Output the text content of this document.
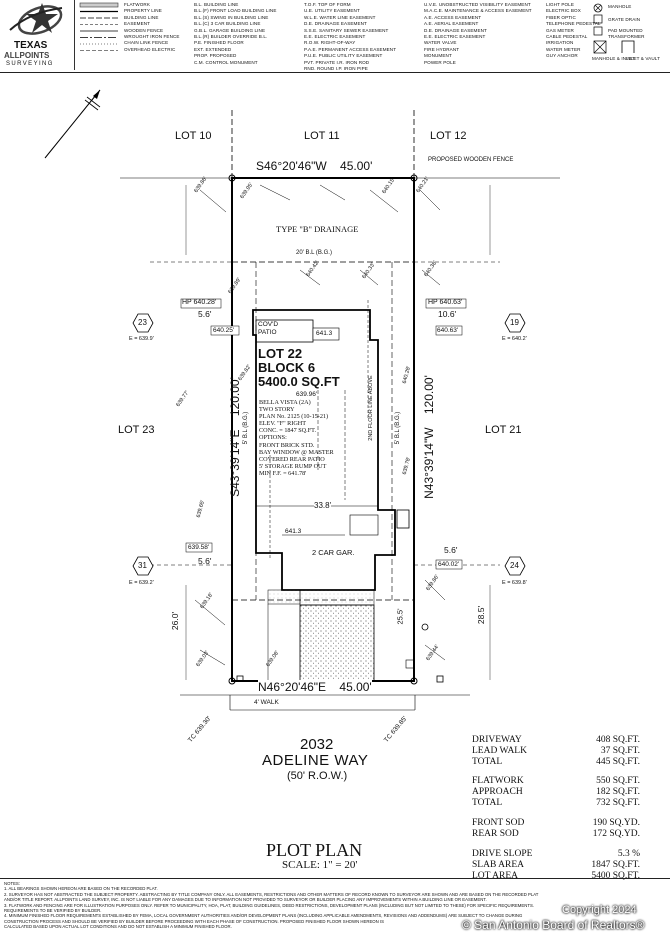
TEXAS
ALLPOINTS
SURVEYING
FLATWORK
PROPERTY LINE
BUILDING LINE
EASEMENT
WOODEN FENCE
WROUGHT IRON FENCE
CHAIN LINK FENCE
OVERHEAD ELECTRIC
B.L. BUILDING LINE
B.L.(F) FRONT LOAD BUILDING LINE
B.L.(S) SWING IN BUILDING LINE
B.L.(C) 3 CAR BUILDING LINE
G.B.L. GARAGE BUILDING LINE
B.L.(R) BUILDER OVERRIDE B.L.
P.E. FINISHED FLOOR
EXT. EXTENDED
PROP. PROPOSED
C.M. CONTROL MONUMENT
T.O.F. TOP OF FORM
U.E. UTILITY EASEMENT
W.L.E. WATER LINE EASEMENT
D.E. DRAINAGE EASEMENT
S.S.E. SANITARY SEWER EASEMENT
E.E. ELECTRIC EASEMENT
R.O.W. RIGHT-OF-WAY
P.A.E. PERMANENT ACCESS EASEMENT
P.U.E. PUBLIC UTILITY EASEMENT
PVT. PRIVATE I.R. IRON ROD
RND. ROUND I.P. IRON PIPE
U.V.E. UNOBSTRUCTED VISIBILITY EASEMENT
M.A.C.E. MAINTENANCE & ACCESS EASEMENT
A.E. ACCESS EASEMENT
A.E. AERIAL EASEMENT
D.E. DRAINAGE EASEMENT
E.E. ELECTRIC EASEMENT
WATER VALVE
FIRE HYDRANT
MONUMENT
POWER POLE
LIGHT POLE
ELECTRIC BOX
FIBER OPTIC
TELEPHONE PEDESTAL
GAS METER
CABLE PEDESTAL
IRRIGATION
WATER METER
GUY ANCHOR
MANHOLE
GRATE DRAIN
PAD MOUNTED TRANSFORMER
MANHOLE & INLET
INLET & VAULT
LOT 10	LOT 11	LOT 12
S46°20'46"W    45.00'	PROPOSED WOODEN FENCE
TYPE "B" DRAINAGE
20' B.L (B.G.)
HP 640.28'	HP 640.63'
5.6'	10.6'
640.25'	640.63'
23	19
31	24
E = 639.9'	E = 640.2'
E = 639.2'	E = 639.8'
COV'D PATIO	641.3
LOT 22
BLOCK 6
5400.0 SQ.FT
639.96'
BELLA VISTA (2A)
TWO STORY
PLAN No. 2125 (10-15-21)
ELEV. "F" RIGHT
CONC. = 1847 SQ.FT.
OPTIONS:
FRONT BRICK STD.
BAY WINDOW @ MASTER
COVERED REAR PATIO
5' STORAGE RUMP OUT
MIN F.F. = 641.78'
33.8'
2 CAR GAR.
641.3
LOT 23	LOT 21
S43°39'14"E    120.00'	N43°39'14"W    120.00'
5' B.L (B.G.)	5' B.L (B.G.)
2ND FLOOR LINE ABOVE
5.6'
5.6'
639.58'
640.02'
26.0'	28.5'
25.5'
N46°20'46"E    45.00'
4' WALK
TC 639.30'	TC 639.85'
639.86'	639.95'	640.15'	640.21'
640.38'
640.42'	640.33'
639.89'
639.82'
639.77'
639.78'
639.86'
639.44'
639.03'	639.08'
639.18'
639.65'
640.28'
2032
ADELINE WAY
(50' R.O.W.)
PLOT PLAN
SCALE: 1" = 20'
DRIVEWAY	408 SQ.FT.
LEAD WALK	37 SQ.FT.
TOTAL	445 SQ.FT.
FLATWORK	550 SQ.FT.
APPROACH	182 SQ.FT.
TOTAL	732 SQ.FT.
FRONT SOD	190 SQ.YD.
REAR SOD	172 SQ.YD.
DRIVE SLOPE	5.3 %
SLAB AREA	1847 SQ.FT.
LOT AREA	5400 SQ.FT.
NOTES:
1. ALL BEARINGS SHOWN HEREON ARE BASED ON THE RECORDED PLAT.
2. SURVEYOR HAS NOT ABSTRACTED THE SUBJECT PROPERTY. ABSTRACTING BY TITLE COMPANY ONLY. ALL EASEMENTS, RESTRICTIONS AND OTHER MATTERS OF RECORD KNOWN TO SURVEYOR ARE SHOWN AND ARE BASED ON THE RECORDED PLAT
AND/OR TITLE REPORT. ALLPOINTS LAND SURVEY, INC. IS NOT LIABLE FOR ANY DAMAGES DUE TO INFORMATION NOT PROVIDED TO SURVEYOR OR BUILDER PLACING ANY IMPROVEMENTS WITHIN A BUILDING LINE OR EASEMENT.
3. FLATWORK AND FENCING ARE FOR ILLUSTRATION PURPOSES ONLY. REFER TO MUNICIPALITY, HOA, PLAT, BUILDING GUIDELINES, DEED RESTRICTIONS, DEVELOPMENT PLANS (INCLUDING BUT NOT LIMITED TO THESE) FOR SPECIFIC REQUIREMENTS.
REQUIREMENTS TO BE VERIFIED BY BUILDER.
4. MINIMUM FINISHED FLOOR REQUIREMENTS ESTABLISHED BY FEMA, LOCAL GOVERNMENT AUTHORITIES AND/OR DEVELOPMENT PLANS (INCLUDING APPLICABLE AMENDMENTS, REVISIONS AND ADDENDUMS) ARE SUBJECT TO CHANGE DURING
CONSTRUCTION PROCESS AND SHOULD BE VERIFIED BY BUILDER BEFORE PROCEEDING WITH EACH PHASE OF CONSTRUCTION. PROPOSED FINISHED FLOOR SHOWN HEREON IS
CALCULATED BASED UPON ACTUAL LOT CONDITIONS AND DO NOT ESTABLISH A MINIMUM FINISHED FLOOR.
Copyright 2024
© San Antonio Board of Realtors®
